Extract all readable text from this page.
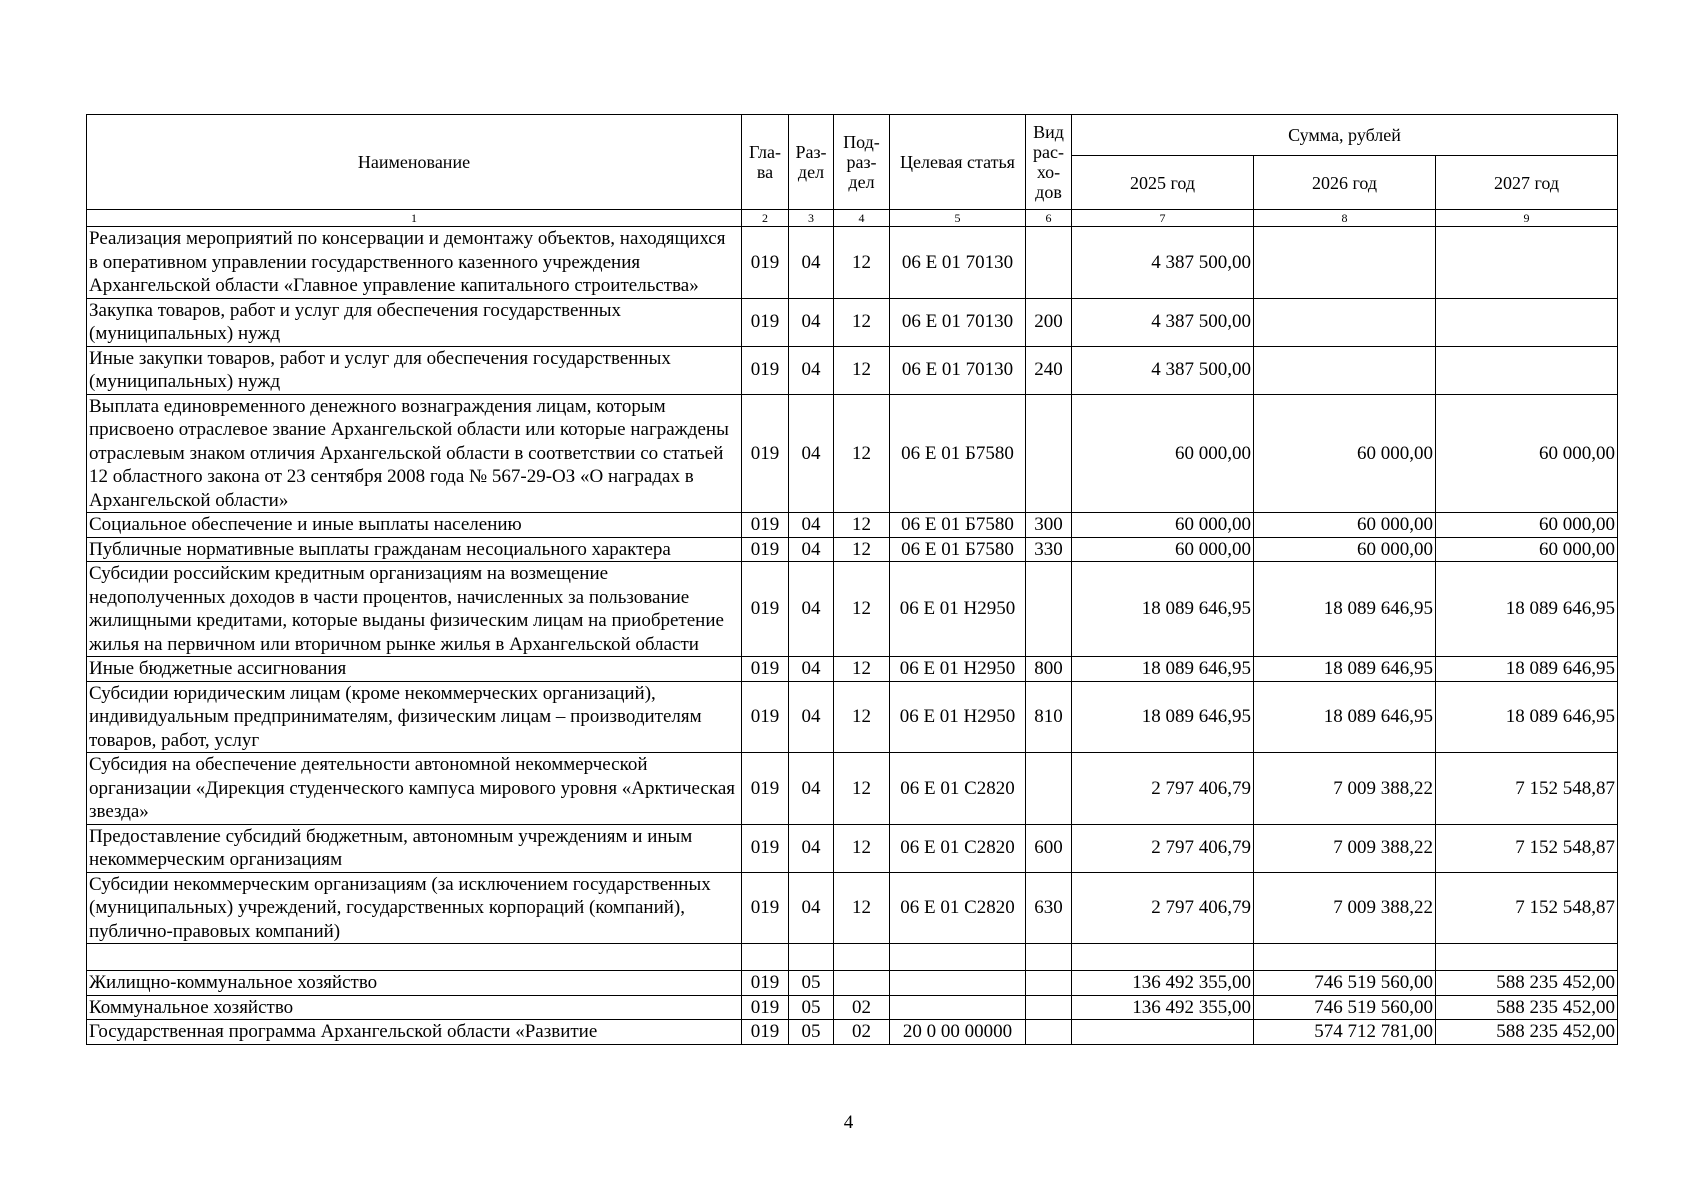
Наименование	Гла-ва	Раз-дел	Под-раз-дел	Целевая статья	Вид рас-хо-дов	Сумма, рублей		
						2025 год	2026 год	2027 год
1	2	3	4	5	6	7	8	9
Реализация мероприятий по консервации и демонтажу объектов, находящихся в оперативном управлении государственного казенного учреждения Архангельской области «Главное управление капитального строительства»	019	04	12	06 Е 01 70130		4 387 500,00		
Закупка товаров, работ и услуг для обеспечения государственных (муниципальных) нужд	019	04	12	06 Е 01 70130	200	4 387 500,00		
Иные закупки товаров, работ и услуг для обеспечения государственных (муниципальных) нужд	019	04	12	06 Е 01 70130	240	4 387 500,00		
Выплата единовременного денежного вознаграждения лицам, которым присвоено отраслевое звание Архангельской области или которые награждены отраслевым знаком отличия Архангельской области в соответствии со статьей 12 областного закона от 23 сентября 2008 года № 567-29-ОЗ «О наградах в Архангельской области»	019	04	12	06 Е 01 Б7580		60 000,00	60 000,00	60 000,00
Социальное обеспечение и иные выплаты населению	019	04	12	06 Е 01 Б7580	300	60 000,00	60 000,00	60 000,00
Публичные нормативные выплаты гражданам несоциального характера	019	04	12	06 Е 01 Б7580	330	60 000,00	60 000,00	60 000,00
Субсидии российским кредитным организациям на возмещение недополученных доходов в части процентов, начисленных за пользование жилищными кредитами, которые выданы физическим лицам на приобретение жилья на первичном или вторичном рынке жилья в Архангельской области	019	04	12	06 Е 01 Н2950		18 089 646,95	18 089 646,95	18 089 646,95
Иные бюджетные ассигнования	019	04	12	06 Е 01 Н2950	800	18 089 646,95	18 089 646,95	18 089 646,95
Субсидии юридическим лицам (кроме некоммерческих организаций), индивидуальным предпринимателям, физическим лицам – производителям товаров, работ, услуг	019	04	12	06 Е 01 Н2950	810	18 089 646,95	18 089 646,95	18 089 646,95
Субсидия на обеспечение деятельности автономной некоммерческой организации «Дирекция студенческого кампуса мирового уровня «Арктическая звезда»	019	04	12	06 Е 01 С2820		2 797 406,79	7 009 388,22	7 152 548,87
Предоставление субсидий бюджетным, автономным учреждениям и иным некоммерческим организациям	019	04	12	06 Е 01 С2820	600	2 797 406,79	7 009 388,22	7 152 548,87
Субсидии некоммерческим организациям (за исключением государственных (муниципальных) учреждений, государственных корпораций (компаний), публично-правовых компаний)	019	04	12	06 Е 01 С2820	630	2 797 406,79	7 009 388,22	7 152 548,87

Жилищно-коммунальное хозяйство	019	05				136 492 355,00	746 519 560,00	588 235 452,00
Коммунальное хозяйство	019	05	02			136 492 355,00	746 519 560,00	588 235 452,00
Государственная программа Архангельской области «Развитие	019	05	02	20 0 00 00000			574 712 781,00	588 235 452,00
4
